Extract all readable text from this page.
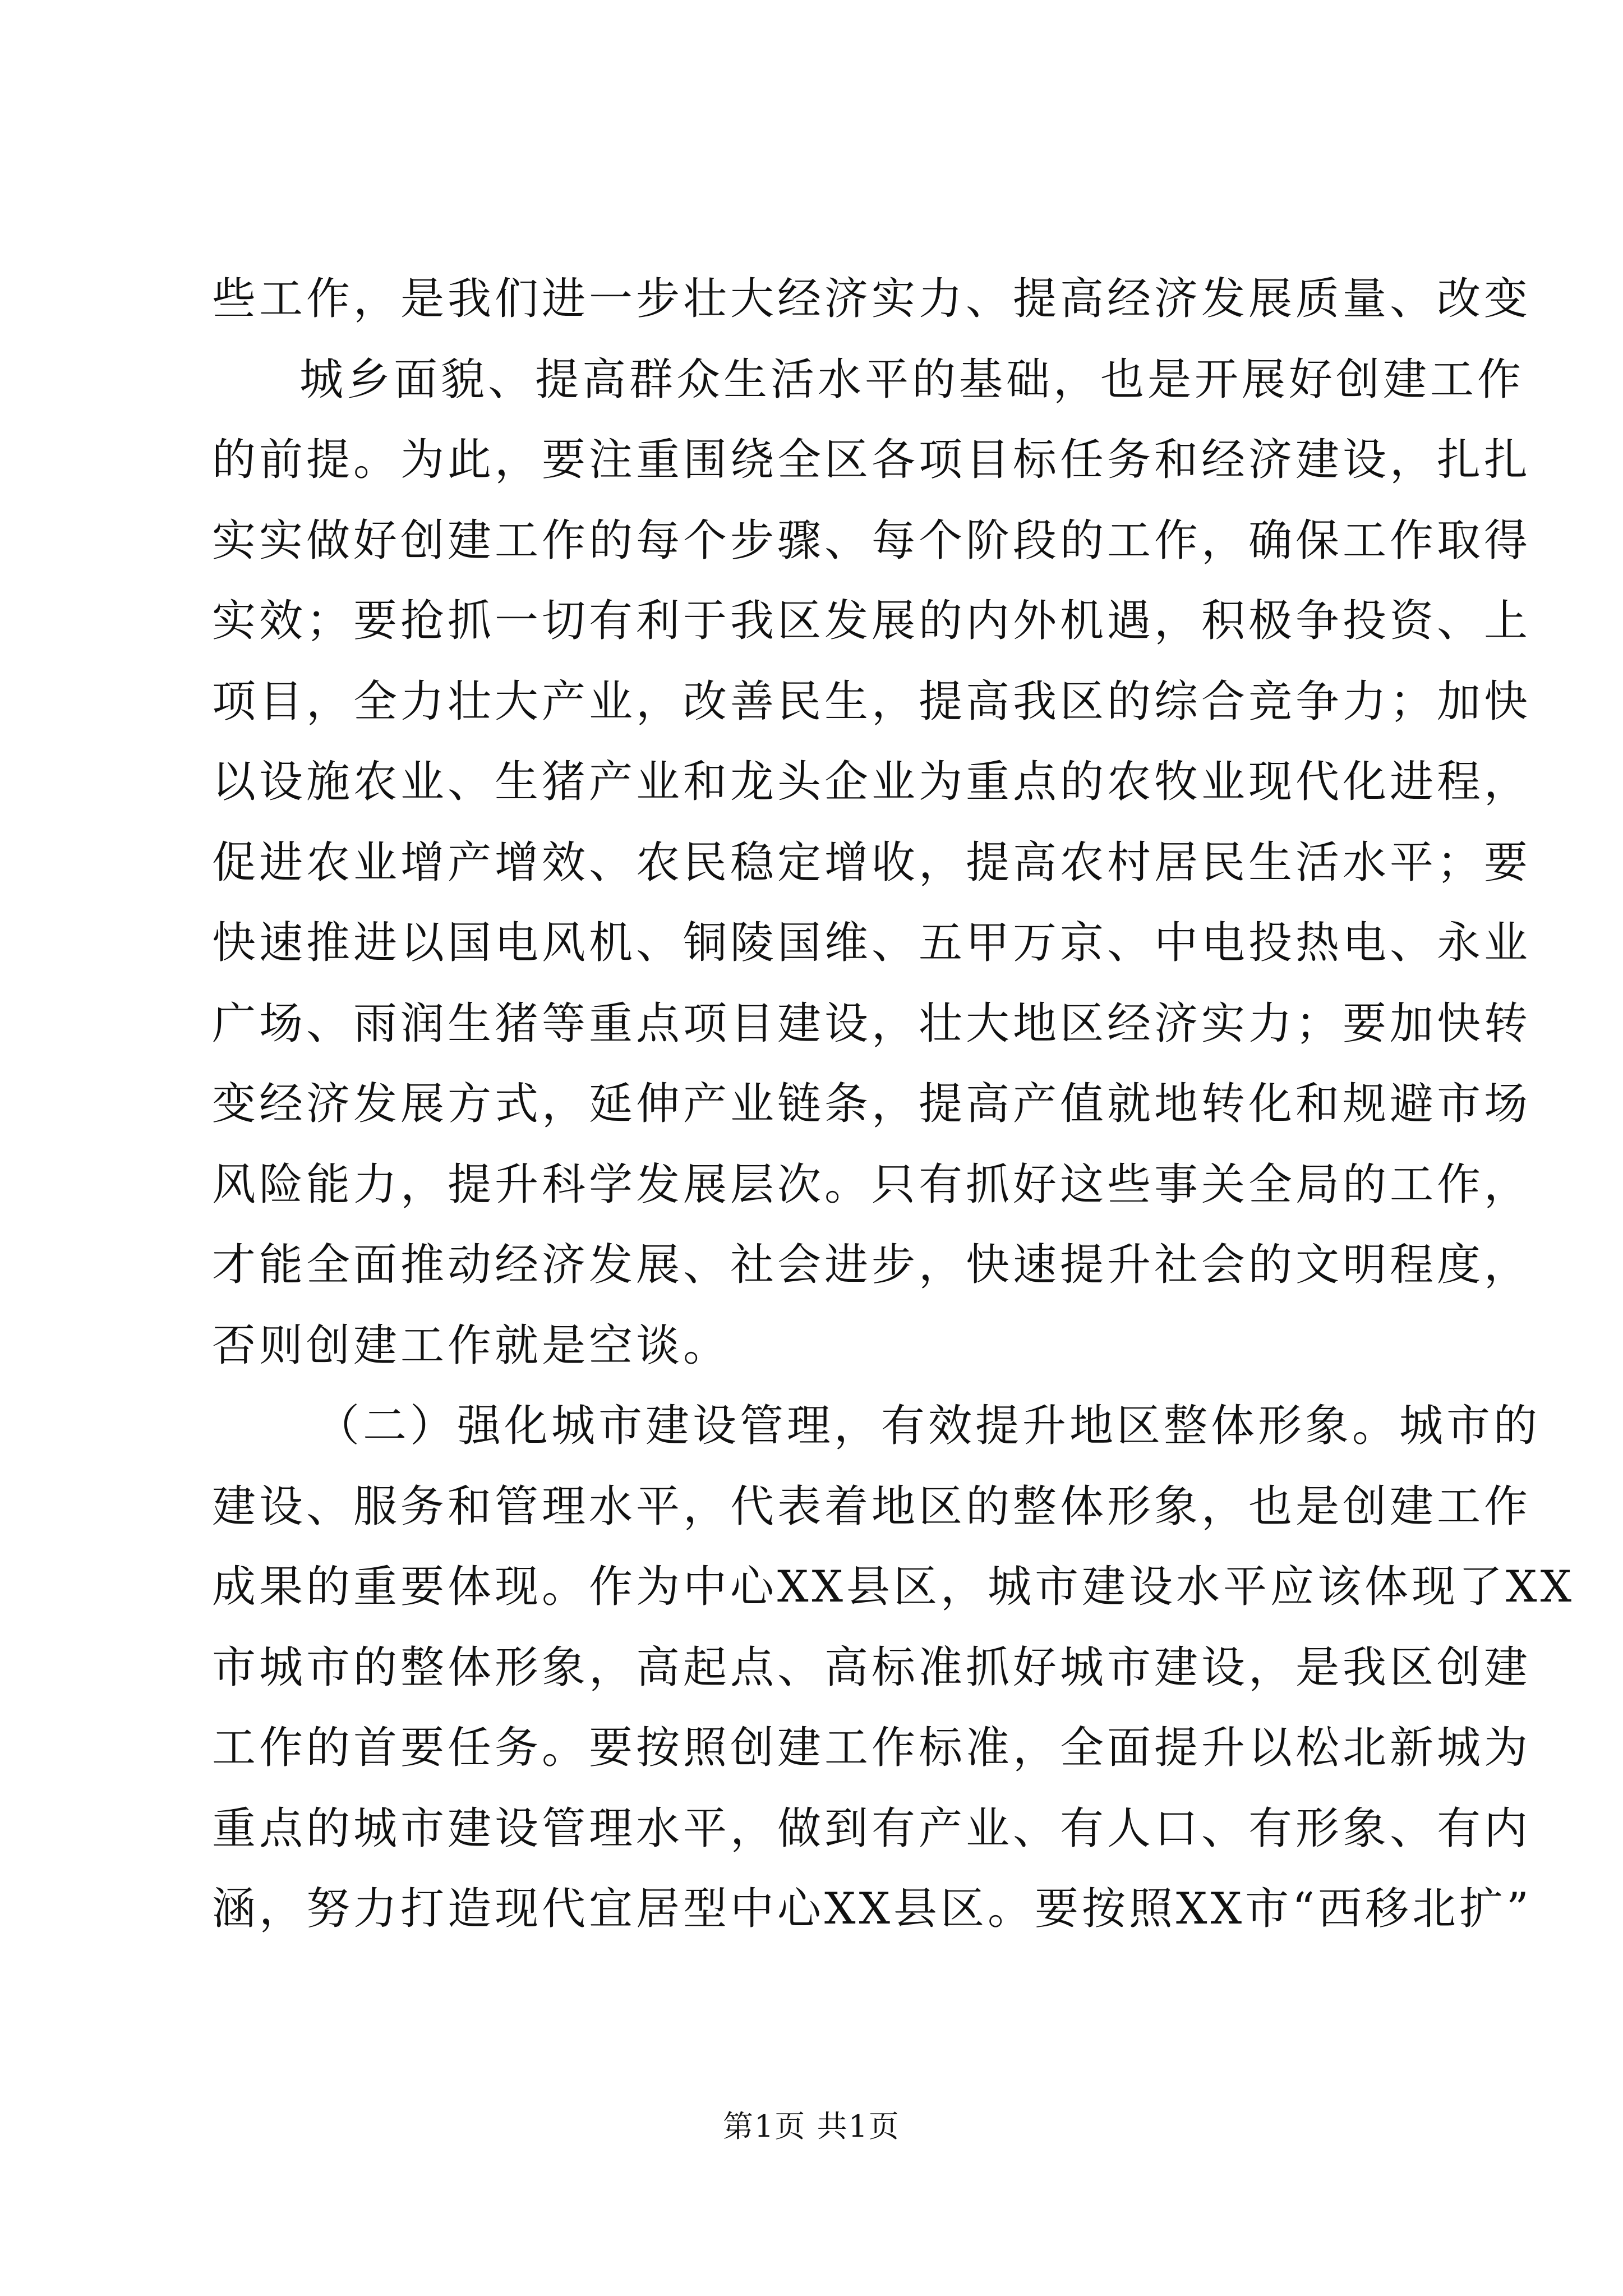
些工作，是我们进一步壮大经济实力、提高经济发展质量、改变
城乡面貌、提高群众生活水平的基础，也是开展好创建工作
的前提。为此，要注重围绕全区各项目标任务和经济建设，扎扎
实实做好创建工作的每个步骤、每个阶段的工作，确保工作取得
实效；要抢抓一切有利于我区发展的内外机遇，积极争投资、上
项目，全力壮大产业，改善民生，提高我区的综合竞争力；加快
以设施农业、生猪产业和龙头企业为重点的农牧业现代化进程，
促进农业增产增效、农民稳定增收，提高农村居民生活水平；要
快速推进以国电风机、铜陵国维、五甲万京、中电投热电、永业
广场、雨润生猪等重点项目建设，壮大地区经济实力；要加快转
变经济发展方式，延伸产业链条，提高产值就地转化和规避市场
风险能力，提升科学发展层次。只有抓好这些事关全局的工作，
才能全面推动经济发展、社会进步，快速提升社会的文明程度，
否则创建工作就是空谈。
（二）强化城市建设管理，有效提升地区整体形象。城市的
建设、服务和管理水平，代表着地区的整体形象，也是创建工作
成果的重要体现。作为中心XX县区，城市建设水平应该体现了XX
市城市的整体形象，高起点、高标准抓好城市建设，是我区创建
工作的首要任务。要按照创建工作标准，全面提升以松北新城为
重点的城市建设管理水平，做到有产业、有人口、有形象、有内
涵，努力打造现代宜居型中心XX县区。要按照XX市“西移北扩”
第1页 共1页
